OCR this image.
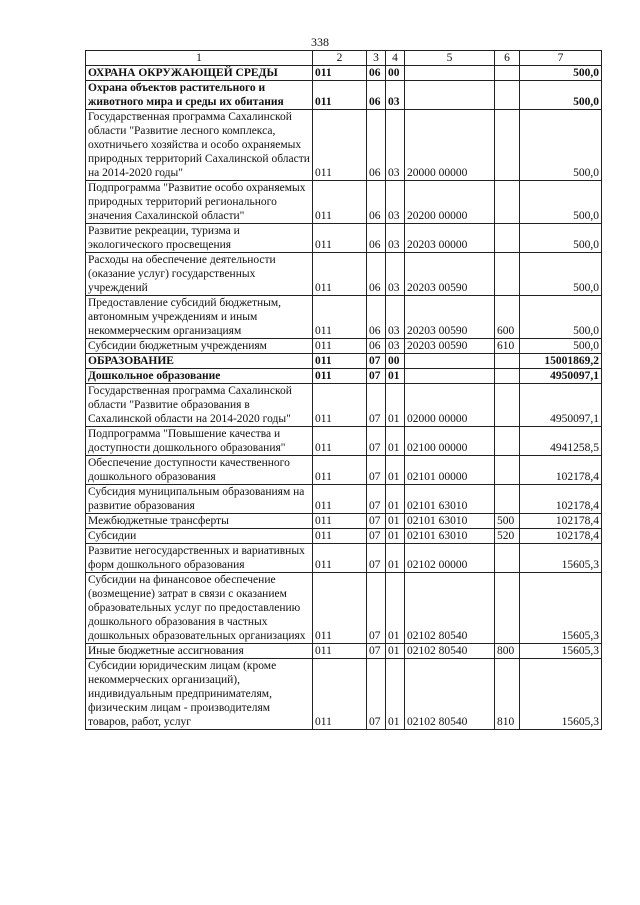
338
1	2	3	4	5	6	7
ОХРАНА ОКРУЖАЮЩЕЙ СРЕДЫ	011	06	00			500,0
Охрана объектов растительного и животного мира и среды их обитания	011	06	03			500,0
Государственная программа Сахалинской области "Развитие лесного комплекса, охотничьего хозяйства и особо охраняемых природных территорий Сахалинской области на 2014-2020 годы"	011	06	03	20000 00000		500,0
Подпрограмма "Развитие особо охраняемых природных территорий регионального значения Сахалинской области"	011	06	03	20200 00000		500,0
Развитие рекреации, туризма и экологического просвещения	011	06	03	20203 00000		500,0
Расходы на обеспечение деятельности (оказание услуг) государственных учреждений	011	06	03	20203 00590		500,0
Предоставление субсидий бюджетным, автономным учреждениям и иным некоммерческим организациям	011	06	03	20203 00590	600	500,0
Субсидии бюджетным учреждениям	011	06	03	20203 00590	610	500,0
ОБРАЗОВАНИЕ	011	07	00			15001869,2
Дошкольное образование	011	07	01			4950097,1
Государственная программа Сахалинской области "Развитие образования в Сахалинской области на 2014-2020 годы"	011	07	01	02000 00000		4950097,1
Подпрограмма "Повышение качества и доступности дошкольного образования"	011	07	01	02100 00000		4941258,5
Обеспечение доступности качественного дошкольного образования	011	07	01	02101 00000		102178,4
Субсидия муниципальным образованиям на развитие образования	011	07	01	02101 63010		102178,4
Межбюджетные трансферты	011	07	01	02101 63010	500	102178,4
Субсидии	011	07	01	02101 63010	520	102178,4
Развитие негосударственных и вариативных форм дошкольного образования	011	07	01	02102 00000		15605,3
Субсидии на финансовое обеспечение (возмещение) затрат в связи с оказанием образовательных услуг по предоставлению дошкольного образования в частных дошкольных образовательных организациях	011	07	01	02102 80540		15605,3
Иные бюджетные ассигнования	011	07	01	02102 80540	800	15605,3
Субсидии юридическим лицам (кроме некоммерческих организаций), индивидуальным предпринимателям, физическим лицам - производителям товаров, работ, услуг	011	07	01	02102 80540	810	15605,3
